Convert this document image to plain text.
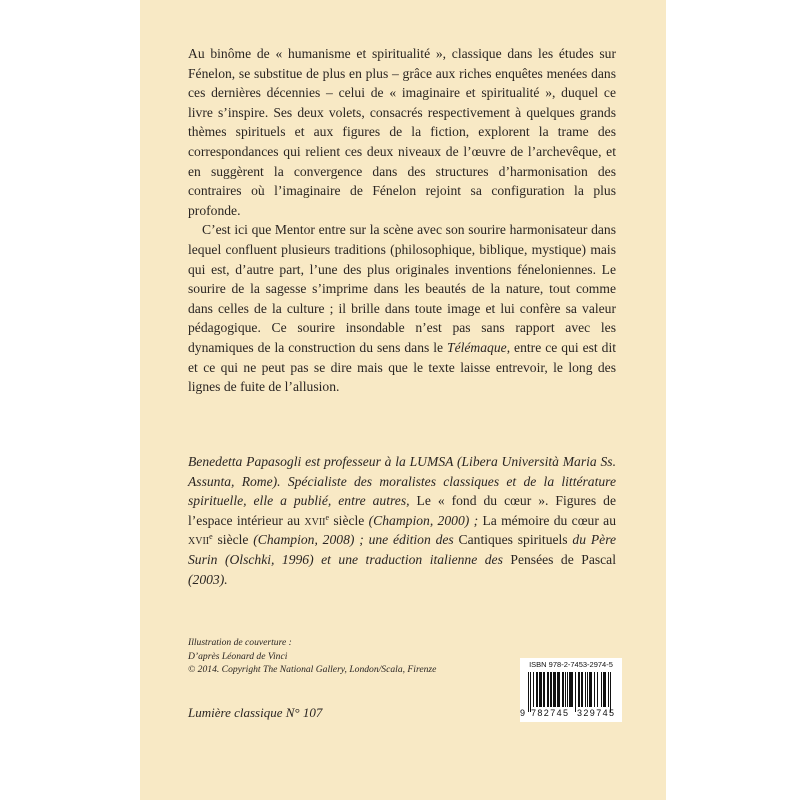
Au binôme de « humanisme et spiritualité », classique dans les études sur Fénelon, se substitue de plus en plus – grâce aux riches enquêtes menées dans ces dernières décennies – celui de « imaginaire et spiritualité », duquel ce livre s’inspire. Ses deux volets, consacrés respectivement à quelques grands thèmes spirituels et aux figures de la fiction, explorent la trame des correspondances qui relient ces deux niveaux de l’œuvre de l’archevêque, et en suggèrent la convergence dans des structures d’harmonisation des contraires où l’imaginaire de Fénelon rejoint sa configuration la plus profonde.

C’est ici que Mentor entre sur la scène avec son sourire harmonisateur dans lequel confluent plusieurs traditions (philosophique, biblique, mystique) mais qui est, d’autre part, l’une des plus originales inventions féneloniennes. Le sourire de la sagesse s’imprime dans les beautés de la nature, tout comme dans celles de la culture ; il brille dans toute image et lui confère sa valeur pédagogique. Ce sourire insondable n’est pas sans rapport avec les dynamiques de la construction du sens dans le Télémaque, entre ce qui est dit et ce qui ne peut pas se dire mais que le texte laisse entrevoir, le long des lignes de fuite de l’allusion.

Benedetta Papasogli est professeur à la LUMSA (Libera Università Maria Ss. Assunta, Rome). Spécialiste des moralistes classiques et de la littérature spirituelle, elle a publié, entre autres, Le « fond du cœur ». Figures de l’espace intérieur au xvii$^e$ siècle (Champion, 2000) ; La mémoire du cœur au xvii$^e$ siècle (Champion, 2008) ; une édition des Cantiques spirituels du Père Surin (Olschki, 1996) et une traduction italienne des Pensées de Pascal (2003).
Illustration de couverture :
D’après Léonard de Vinci
© 2014. Copyright The National Gallery, London/Scala, Firenze
Lumière classique N° 107
ISBN 978-2-7453-2974-5
9 782745 329745
